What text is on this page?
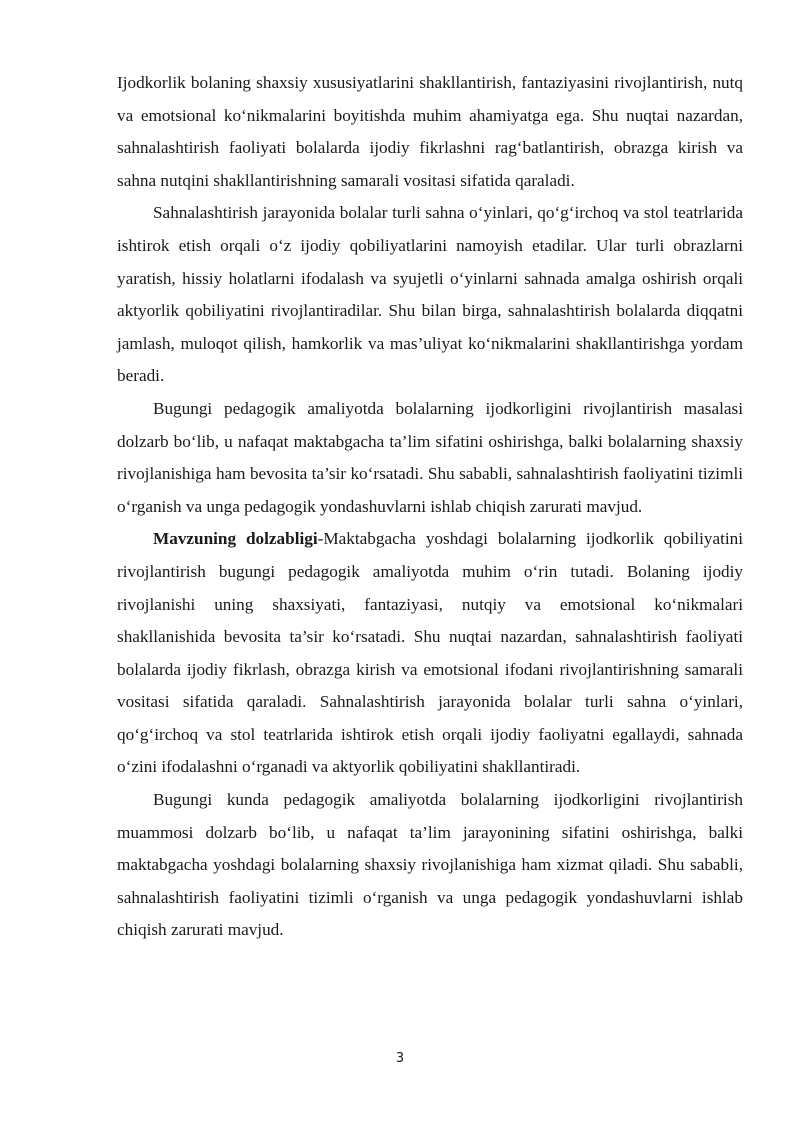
Ijodkorlik bolaning shaxsiy xususiyatlarini shakllantirish, fantaziyasini rivojlantirish, nutq va emotsional ko‘nikmalarini boyitishda muhim ahamiyatga ega. Shu nuqtai nazardan, sahnalashtirish faoliyati bolalarda ijodiy fikrlashni rag‘batlantirish, obrazga kirish va sahna nutqini shakllantirishning samarali vositasi sifatida qaraladi.

Sahnalashtirish jarayonida bolalar turli sahna o‘yinlari, qo‘g‘irchoq va stol teatrlarida ishtirok etish orqali o‘z ijodiy qobiliyatlarini namoyish etadilar. Ular turli obrazlarni yaratish, hissiy holatlarni ifodalash va syujetli o‘yinlarni sahnada amalga oshirish orqali aktyorlik qobiliyatini rivojlantiradilar. Shu bilan birga, sahnalashtirish bolalarda diqqatni jamlash, muloqot qilish, hamkorlik va mas’uliyat ko‘nikmalarini shakllantirishga yordam beradi.

Bugungi pedagogik amaliyotda bolalarning ijodkorligini rivojlantirish masalasi dolzarb bo‘lib, u nafaqat maktabgacha ta’lim sifatini oshirishga, balki bolalarning shaxsiy rivojlanishiga ham bevosita ta’sir ko‘rsatadi. Shu sababli, sahnalashtirish faoliyatini tizimli o‘rganish va unga pedagogik yondashuvlarni ishlab chiqish zarurati mavjud.

Mavzuning dolzabligi-Maktabgacha yoshdagi bolalarning ijodkorlik qobiliyatini rivojlantirish bugungi pedagogik amaliyotda muhim o‘rin tutadi. Bolaning ijodiy rivojlanishi uning shaxsiyati, fantaziyasi, nutqiy va emotsional ko‘nikmalari shakllanishida bevosita ta’sir ko‘rsatadi. Shu nuqtai nazardan, sahnalashtirish faoliyati bolalarda ijodiy fikrlash, obrazga kirish va emotsional ifodani rivojlantirishning samarali vositasi sifatida qaraladi. Sahnalashtirish jarayonida bolalar turli sahna o‘yinlari, qo‘g‘irchoq va stol teatrlarida ishtirok etish orqali ijodiy faoliyatni egallaydi, sahnada o‘zini ifodalashni o‘rganadi va aktyorlik qobiliyatini shakllantiradi.

Bugungi kunda pedagogik amaliyotda bolalarning ijodkorligini rivojlantirish muammosi dolzarb bo‘lib, u nafaqat ta’lim jarayonining sifatini oshirishga, balki maktabgacha yoshdagi bolalarning shaxsiy rivojlanishiga ham xizmat qiladi. Shu sababli, sahnalashtirish faoliyatini tizimli o‘rganish va unga pedagogik yondashuvlarni ishlab chiqish zarurati mavjud.

3
